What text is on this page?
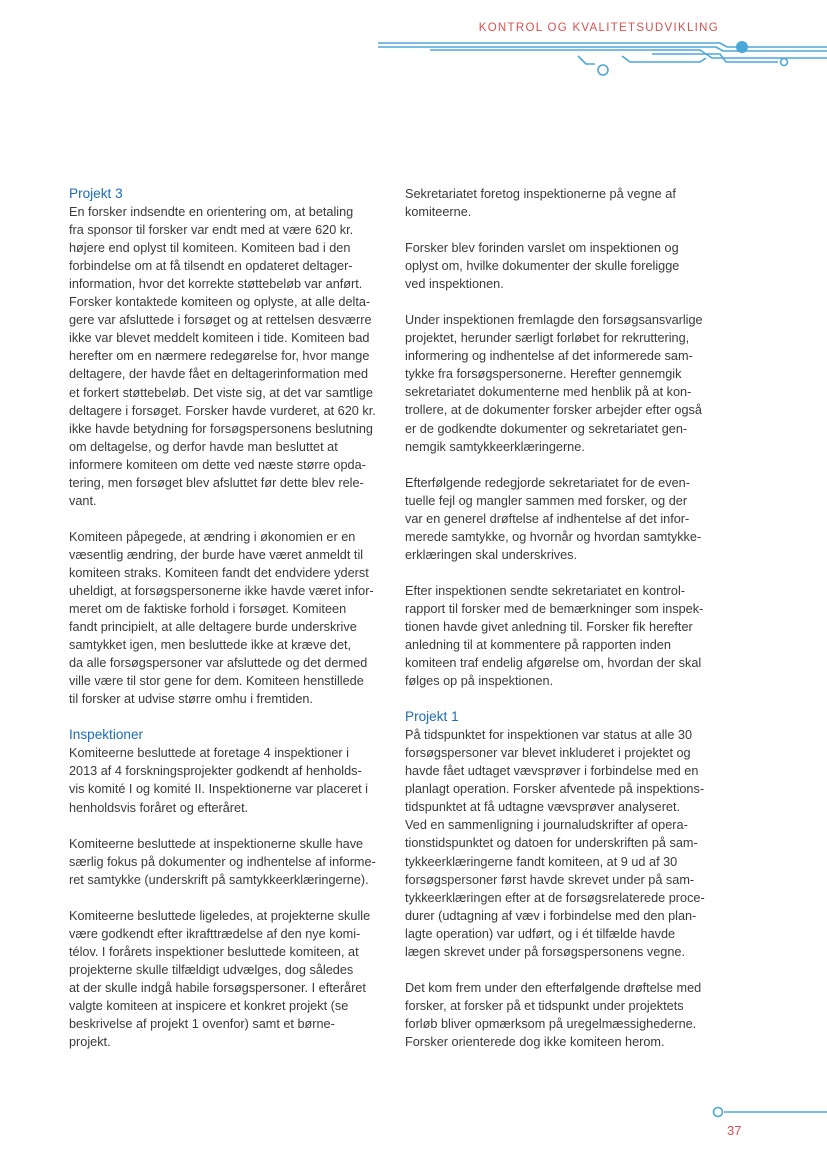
KONTROL OG KVALITETSUDVIKLING
Projekt 3

En forsker indsendte en orientering om, at betaling
fra sponsor til forsker var endt med at være 620 kr.
højere end oplyst til komiteen. Komiteen bad i den
forbindelse om at få tilsendt en opdateret deltager-
information, hvor det korrekte støttebeløb var anført.
Forsker kontaktede komiteen og oplyste, at alle delta-
gere var afsluttede i forsøget og at rettelsen desværre
ikke var blevet meddelt komiteen i tide. Komiteen bad
herefter om en nærmere redegørelse for, hvor mange
deltagere, der havde fået en deltagerinformation med
et forkert støttebeløb. Det viste sig, at det var samtlige
deltagere i forsøget. Forsker havde vurderet, at 620 kr.
ikke havde betydning for forsøgspersonens beslutning
om deltagelse, og derfor havde man besluttet at
informere komiteen om dette ved næste større opda-
tering, men forsøget blev afsluttet før dette blev rele-
vant.

Komiteen påpegede, at ændring i økonomien er en
væsentlig ændring, der burde have været anmeldt til
komiteen straks. Komiteen fandt det endvidere yderst
uheldigt, at forsøgspersonerne ikke havde været infor-
meret om de faktiske forhold i forsøget. Komiteen
fandt principielt, at alle deltagere burde underskrive
samtykket igen, men besluttede ikke at kræve det,
da alle forsøgspersoner var afsluttede og det dermed
ville være til stor gene for dem. Komiteen henstillede
til forsker at udvise større omhu i fremtiden.

Inspektioner

Komiteerne besluttede at foretage 4 inspektioner i
2013 af 4 forskningsprojekter godkendt af henholds-
vis komité I og komité II. Inspektionerne var placeret i
henholdsvis foråret og efteråret.

Komiteerne besluttede at inspektionerne skulle have
særlig fokus på dokumenter og indhentelse af informe-
ret samtykke (underskrift på samtykkeerklæringerne).

Komiteerne besluttede ligeledes, at projekterne skulle
være godkendt efter ikrafttrædelse af den nye komi-
télov. I forårets inspektioner besluttede komiteen, at
projekterne skulle tilfældigt udvælges, dog således
at der skulle indgå habile forsøgspersoner. I efteråret
valgte komiteen at inspicere et konkret projekt (se
beskrivelse af projekt 1 ovenfor) samt et børne-
projekt.

Sekretariatet foretog inspektionerne på vegne af
komiteerne.

Forsker blev forinden varslet om inspektionen og
oplyst om, hvilke dokumenter der skulle foreligge
ved inspektionen.

Under inspektionen fremlagde den forsøgsansvarlige
projektet, herunder særligt forløbet for rekruttering,
informering og indhentelse af det informerede sam-
tykke fra forsøgspersonerne. Herefter gennemgik
sekretariatet dokumenterne med henblik på at kon-
trollere, at de dokumenter forsker arbejder efter også
er de godkendte dokumenter og sekretariatet gen-
nemgik samtykkeerklæringerne.

Efterfølgende redegjorde sekretariatet for de even-
tuelle fejl og mangler sammen med forsker, og der
var en generel drøftelse af indhentelse af det infor-
merede samtykke, og hvornår og hvordan samtykke-
erklæringen skal underskrives.

Efter inspektionen sendte sekretariatet en kontrol-
rapport til forsker med de bemærkninger som inspek-
tionen havde givet anledning til. Forsker fik herefter
anledning til at kommentere på rapporten inden
komiteen traf endelig afgørelse om, hvordan der skal
følges op på inspektionen.

Projekt 1

På tidspunktet for inspektionen var status at alle 30
forsøgspersoner var blevet inkluderet i projektet og
havde fået udtaget vævsprøver i forbindelse med en
planlagt operation. Forsker afventede på inspektions-
tidspunktet at få udtagne vævsprøver analyseret.
Ved en sammenligning i journaludskrifter af opera-
tionstidspunktet og datoen for underskriften på sam-
tykkeerklæringerne fandt komiteen, at 9 ud af 30
forsøgspersoner først havde skrevet under på sam-
tykkeerklæringen efter at de forsøgsrelaterede proce-
durer (udtagning af væv i forbindelse med den plan-
lagte operation) var udført, og i ét tilfælde havde
lægen skrevet under på forsøgspersonens vegne.

Det kom frem under den efterfølgende drøftelse med
forsker, at forsker på et tidspunkt under projektets
forløb bliver opmærksom på uregelmæssighederne.
Forsker orienterede dog ikke komiteen herom.

37
